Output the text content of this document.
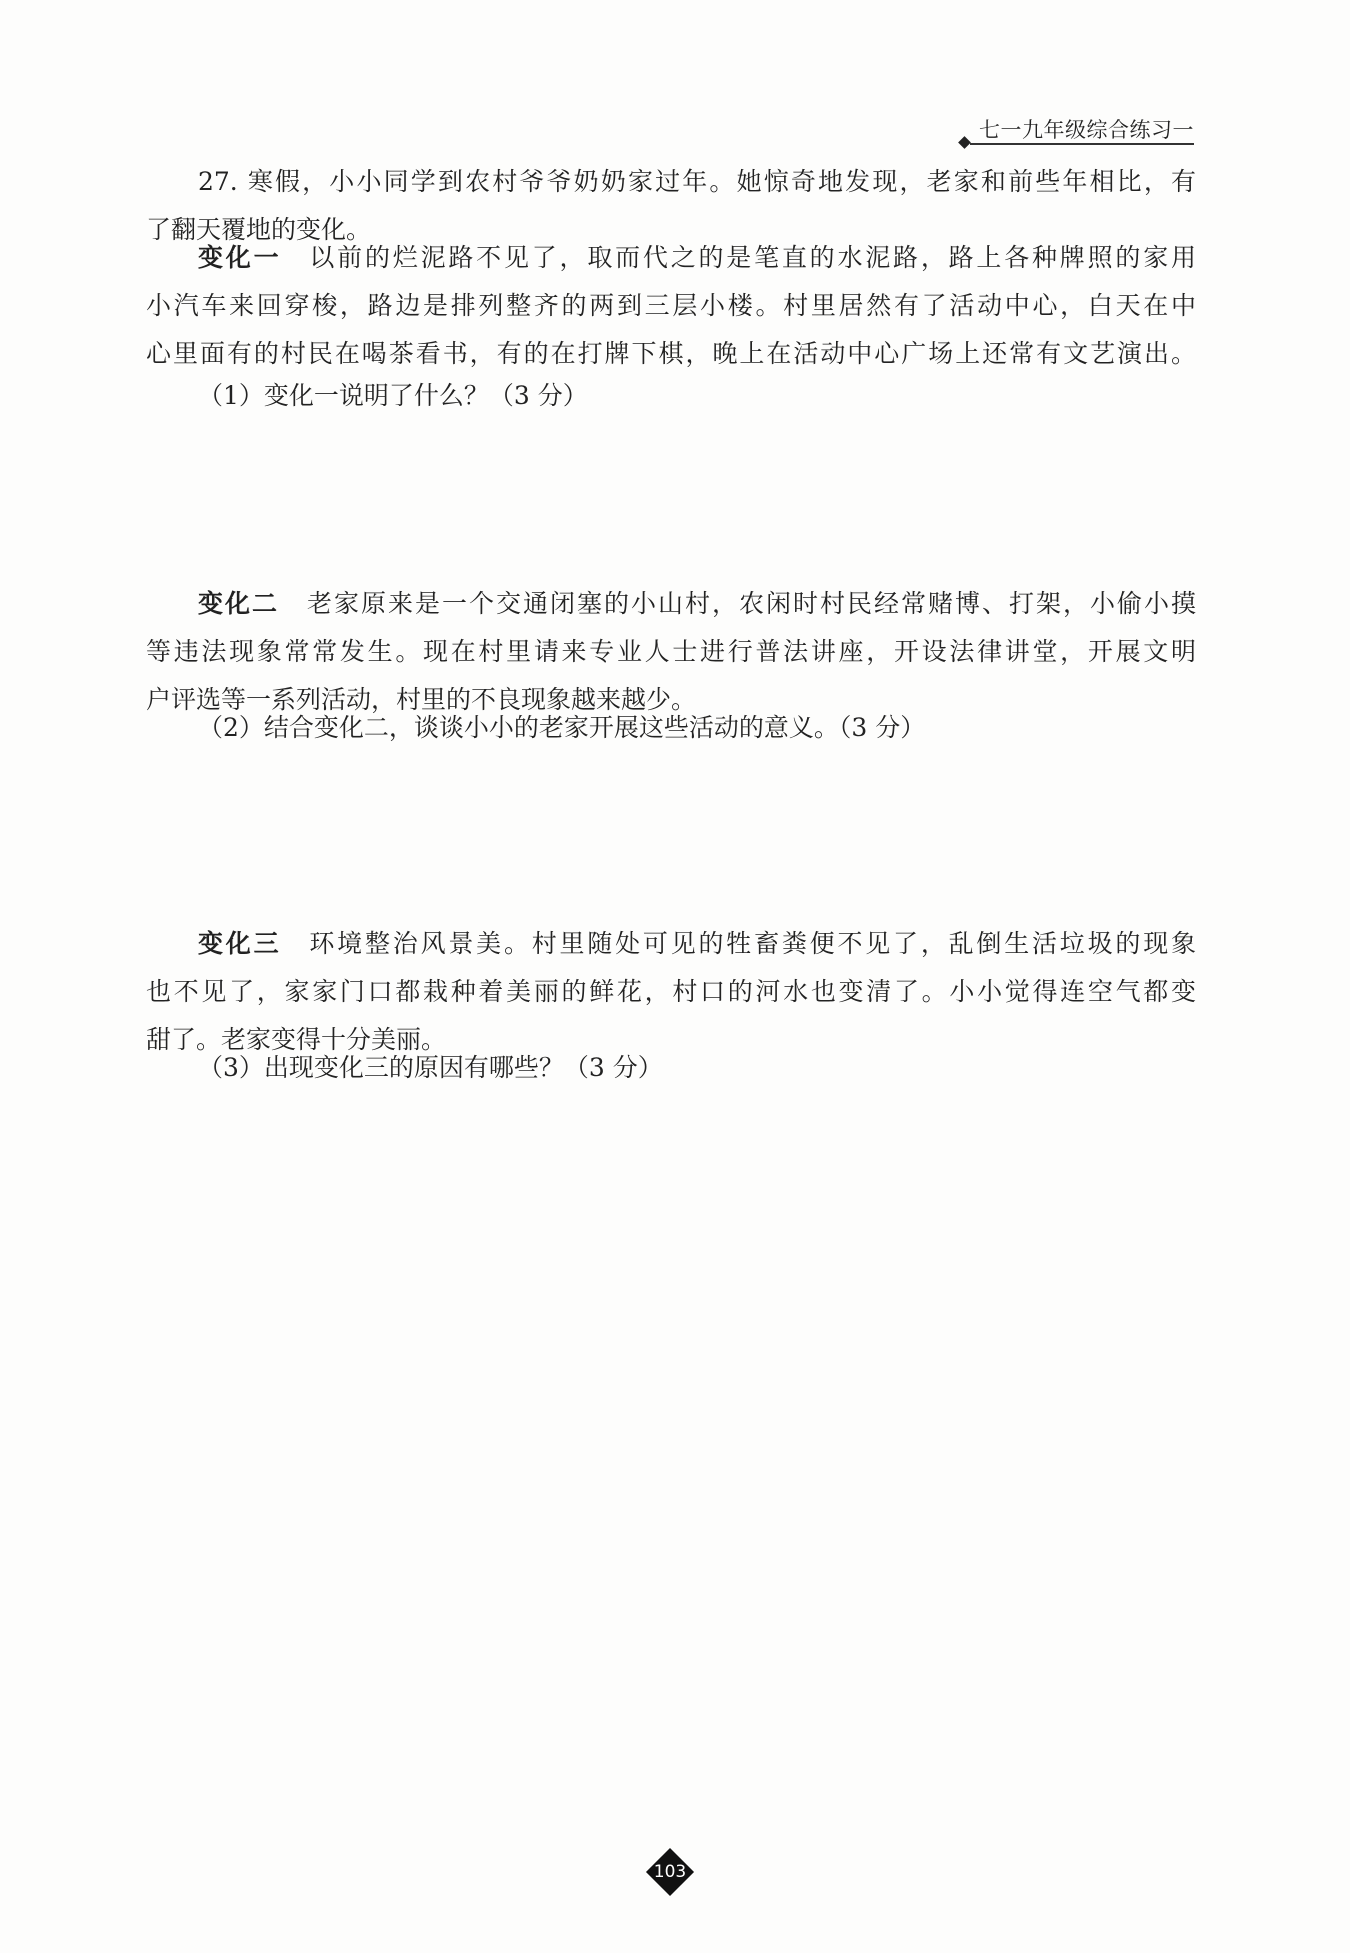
七一九年级综合练习一
27. 寒假，小小同学到农村爷爷奶奶家过年。她惊奇地发现，老家和前些年相比，有
了翻天覆地的变化。
变化一 以前的烂泥路不见了，取而代之的是笔直的水泥路，路上各种牌照的家用
小汽车来回穿梭，路边是排列整齐的两到三层小楼。村里居然有了活动中心，白天在中
心里面有的村民在喝茶看书，有的在打牌下棋，晚上在活动中心广场上还常有文艺演出。
（1）变化一说明了什么？（3 分）
变化二 老家原来是一个交通闭塞的小山村，农闲时村民经常赌博、打架，小偷小摸
等违法现象常常发生。现在村里请来专业人士进行普法讲座，开设法律讲堂，开展文明
户评选等一系列活动，村里的不良现象越来越少。
（2）结合变化二，谈谈小小的老家开展这些活动的意义。（3 分）
变化三 环境整治风景美。村里随处可见的牲畜粪便不见了，乱倒生活垃圾的现象
也不见了，家家门口都栽种着美丽的鲜花，村口的河水也变清了。小小觉得连空气都变
甜了。老家变得十分美丽。
（3）出现变化三的原因有哪些？（3 分）
103
